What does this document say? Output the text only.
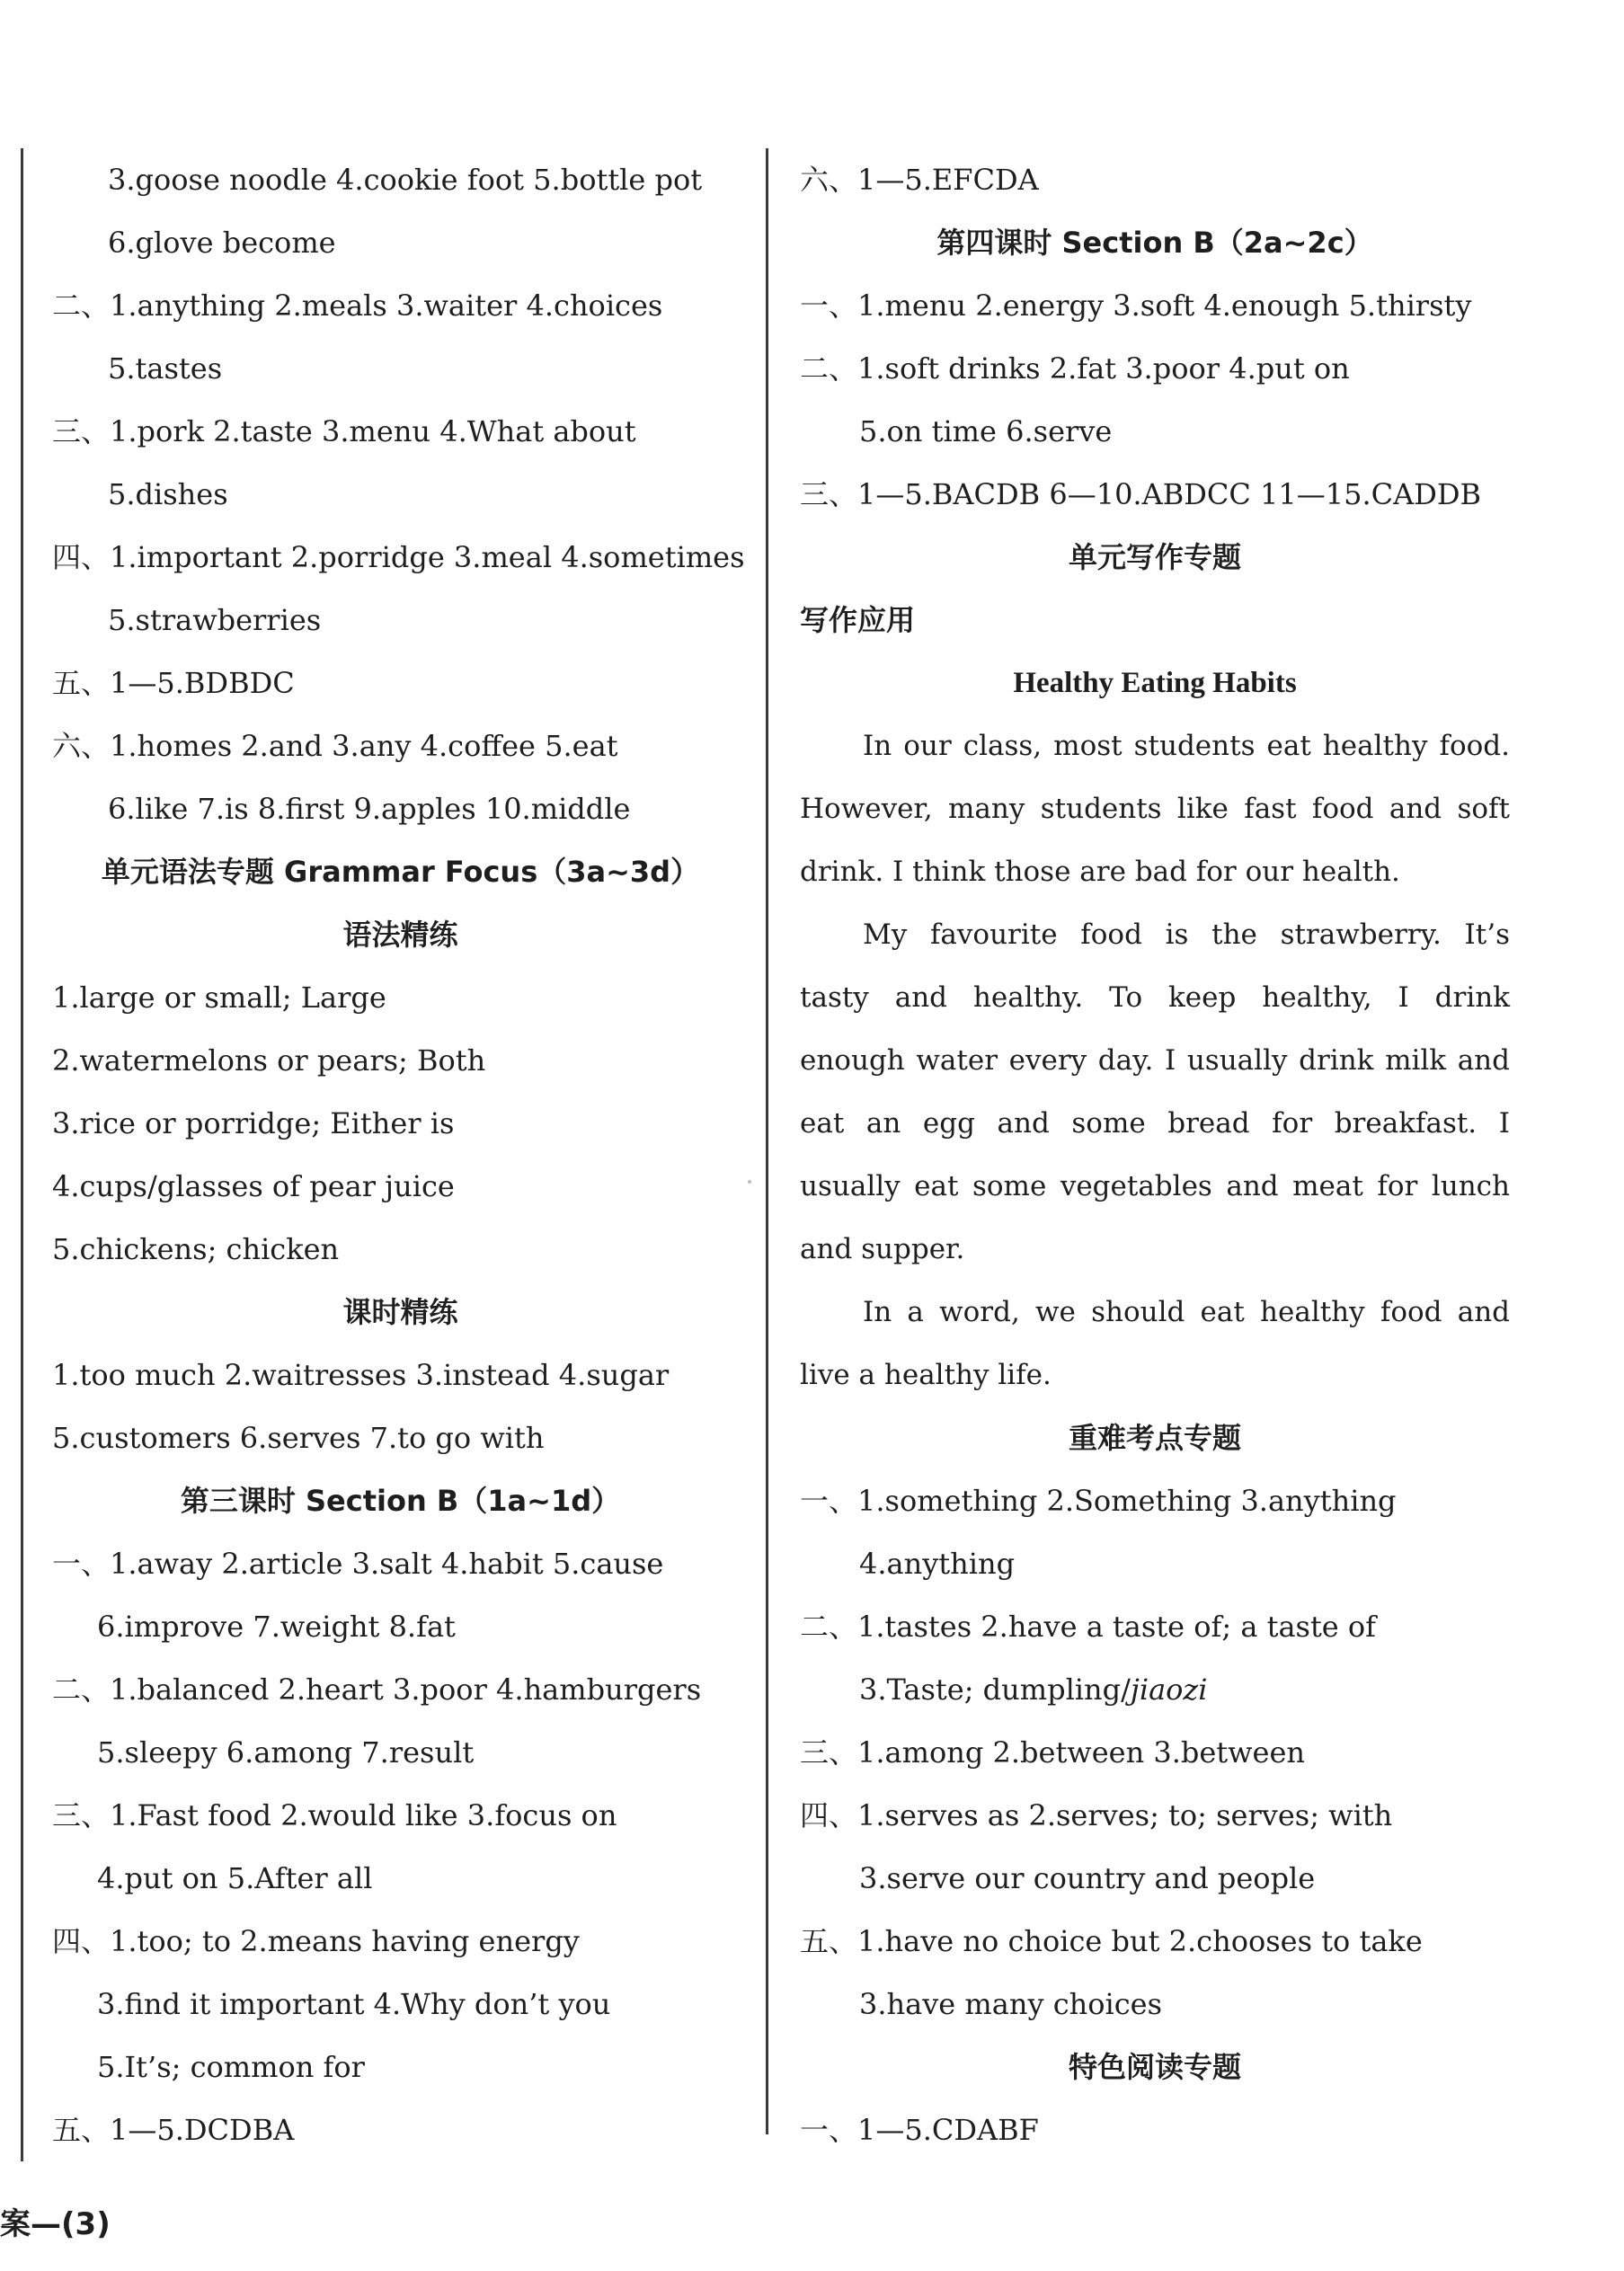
3.goose noodle 4.cookie foot 5.bottle pot
6.glove become
二、1.anything 2.meals 3.waiter 4.choices
5.tastes
三、1.pork 2.taste 3.menu 4.What about
5.dishes
四、1.important 2.porridge 3.meal 4.sometimes
5.strawberries
五、1—5.BDBDC
六、1.homes 2.and 3.any 4.coffee 5.eat
6.like 7.is 8.first 9.apples 10.middle
单元语法专题 Grammar Focus（3a~3d）
语法精练
1.large or small; Large
2.watermelons or pears; Both
3.rice or porridge; Either is
4.cups/glasses of pear juice
5.chickens; chicken
课时精练
1.too much 2.waitresses 3.instead 4.sugar
5.customers 6.serves 7.to go with
第三课时 Section B（1a~1d）
一、1.away 2.article 3.salt 4.habit 5.cause
6.improve 7.weight 8.fat
二、1.balanced 2.heart 3.poor 4.hamburgers
5.sleepy 6.among 7.result
三、1.Fast food 2.would like 3.focus on
4.put on 5.After all
四、1.too; to 2.means having energy
3.find it important 4.Why don’t you
5.It’s; common for
五、1—5.DCDBA
六、1—5.EFCDA
第四课时 Section B（2a~2c）
一、1.menu 2.energy 3.soft 4.enough 5.thirsty
二、1.soft drinks 2.fat 3.poor 4.put on
5.on time 6.serve
三、1—5.BACDB 6—10.ABDCC 11—15.CADDB
单元写作专题
写作应用
Healthy Eating Habits
In our class, most students eat healthy food.
However, many students like fast food and soft
drink. I think those are bad for our health.
My favourite food is the strawberry. It’s
tasty and healthy. To keep healthy, I drink
enough water every day. I usually drink milk and
eat an egg and some bread for breakfast. I
usually eat some vegetables and meat for lunch
and supper.
In a word, we should eat healthy food and
live a healthy life.
重难考点专题
一、1.something 2.Something 3.anything
4.anything
二、1.tastes 2.have a taste of; a taste of
3.Taste; dumpling/jiaozi
三、1.among 2.between 3.between
四、1.serves as 2.serves; to; serves; with
3.serve our country and people
五、1.have no choice but 2.chooses to take
3.have many choices
特色阅读专题
一、1—5.CDABF
案—(3)
